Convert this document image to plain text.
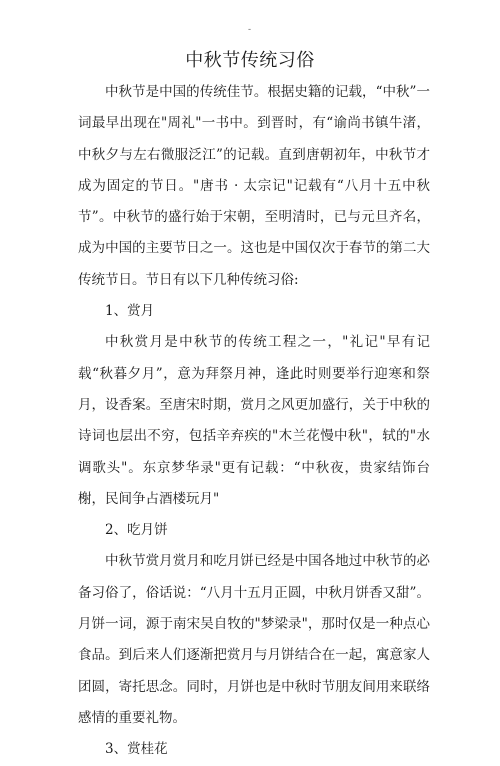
-
中秋节传统习俗

中秋节是中国的传统佳节。根据史籍的记载，“中秋”一词最早出现在"周礼"一书中。到晋时，有“谕尚书镇牛渚，中秋夕与左右微服泛江”的记载。直到唐朝初年，中秋节才成为固定的节日。"唐书 · 太宗记"记载有“八月十五中秋节”。中秋节的盛行始于宋朝，至明清时，已与元旦齐名，成为中国的主要节日之一。这也是中国仅次于春节的第二大传统节日。节日有以下几种传统习俗:

1、赏月

中秋赏月是中秋节的传统工程之一，"礼记"早有记载“秋暮夕月”，意为拜祭月神，逢此时则要举行迎寒和祭月，设香案。至唐宋时期，赏月之风更加盛行，关于中秋的诗词也层出不穷，包括辛弃疾的"木兰花慢中秋"，轼的"水调歌头"。东京梦华录"更有记载：“中秋夜，贵家结饰台榭，民间争占酒楼玩月"

2、吃月饼

中秋节赏月赏月和吃月饼已经是中国各地过中秋节的必备习俗了，俗话说：“八月十五月正圆，中秋月饼香又甜”。月饼一词，源于南宋吴自牧的"梦梁录"，那时仅是一种点心食品。到后来人们逐渐把赏月与月饼结合在一起，寓意家人团圆，寄托思念。同时，月饼也是中秋时节朋友间用来联络感情的重要礼物。

3、赏桂花
